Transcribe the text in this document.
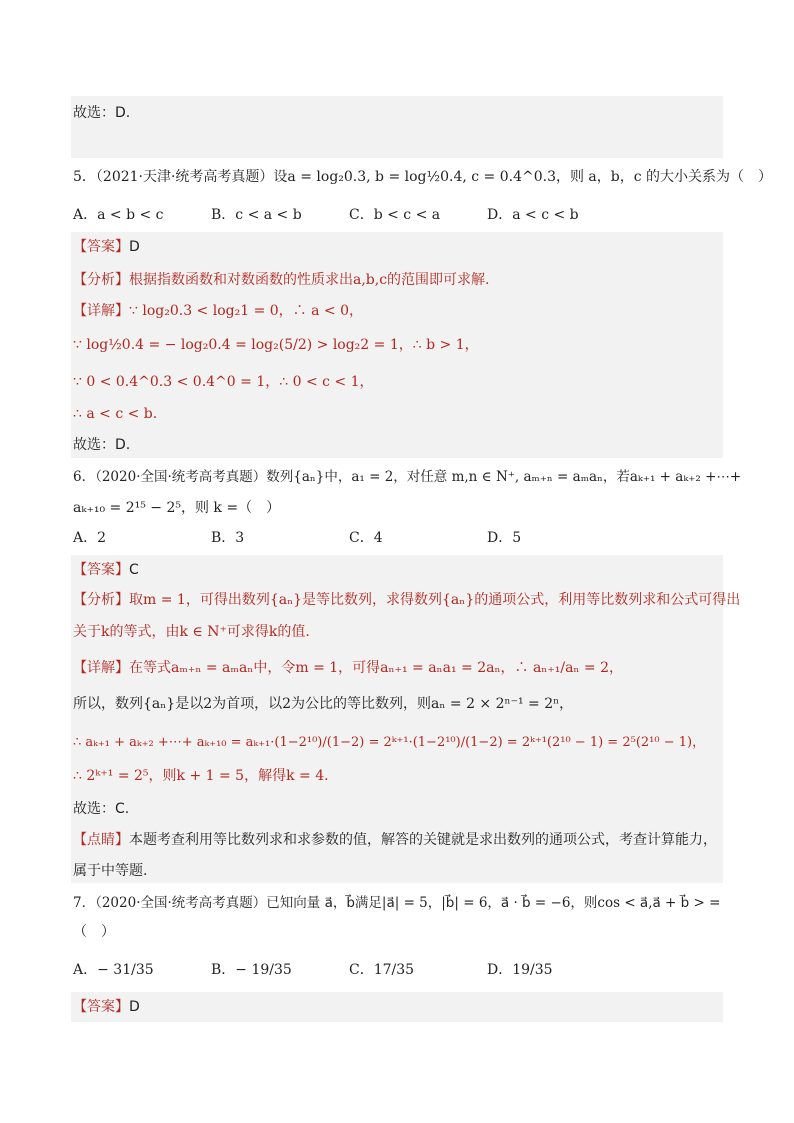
故选：D.
5．（2021·天津·统考高考真题）设a = log₂0.3, b = log½0.4, c = 0.4^0.3，则 a，b，c 的大小关系为（　）
A．a < b < c	B．c < a < b	C．b < c < a	D．a < c < b
【答案】D
【分析】根据指数函数和对数函数的性质求出a,b,c的范围即可求解.
【详解】∵ log₂0.3 < log₂1 = 0，∴ a < 0，
∵ log½0.4 = − log₂0.4 = log₂(5/2) > log₂2 = 1，∴ b > 1，
∵ 0 < 0.4^0.3 < 0.4^0 = 1，∴ 0 < c < 1，
∴ a < c < b.
故选：D.
6．（2020·全国·统考高考真题）数列{aₙ}中，a₁ = 2，对任意 m,n ∈ N⁺, aₘ₊ₙ = aₘaₙ，若aₖ₊₁ + aₖ₊₂ +⋯+
aₖ₊₁₀ = 2¹⁵ − 2⁵，则 k =（　）
A．2	B．3	C．4	D．5
【答案】C
【分析】取m = 1，可得出数列{aₙ}是等比数列，求得数列{aₙ}的通项公式，利用等比数列求和公式可得出
关于k的等式，由k ∈ N⁺可求得k的值.
【详解】在等式aₘ₊ₙ = aₘaₙ中，令m = 1，可得aₙ₊₁ = aₙa₁ = 2aₙ，∴ aₙ₊₁/aₙ = 2，
所以，数列{aₙ}是以2为首项，以2为公比的等比数列，则aₙ = 2 × 2ⁿ⁻¹ = 2ⁿ，
∴ aₖ₊₁ + aₖ₊₂ +⋯+ aₖ₊₁₀ = aₖ₊₁·(1−2¹⁰)/(1−2) = 2ᵏ⁺¹·(1−2¹⁰)/(1−2) = 2ᵏ⁺¹(2¹⁰ − 1) = 2⁵(2¹⁰ − 1)，
∴ 2ᵏ⁺¹ = 2⁵，则k + 1 = 5，解得k = 4.
故选：C.
【点睛】本题考查利用等比数列求和求参数的值，解答的关键就是求出数列的通项公式，考查计算能力，
属于中等题.
7．（2020·全国·统考高考真题）已知向量 a⃗，b⃗满足|a⃗| = 5，|b⃗| = 6，a⃗ · b⃗ = −6，则cos < a⃗,a⃗ + b⃗ > =
（　）
A．− 31/35	B．− 19/35	C．17/35	D．19/35
【答案】D
